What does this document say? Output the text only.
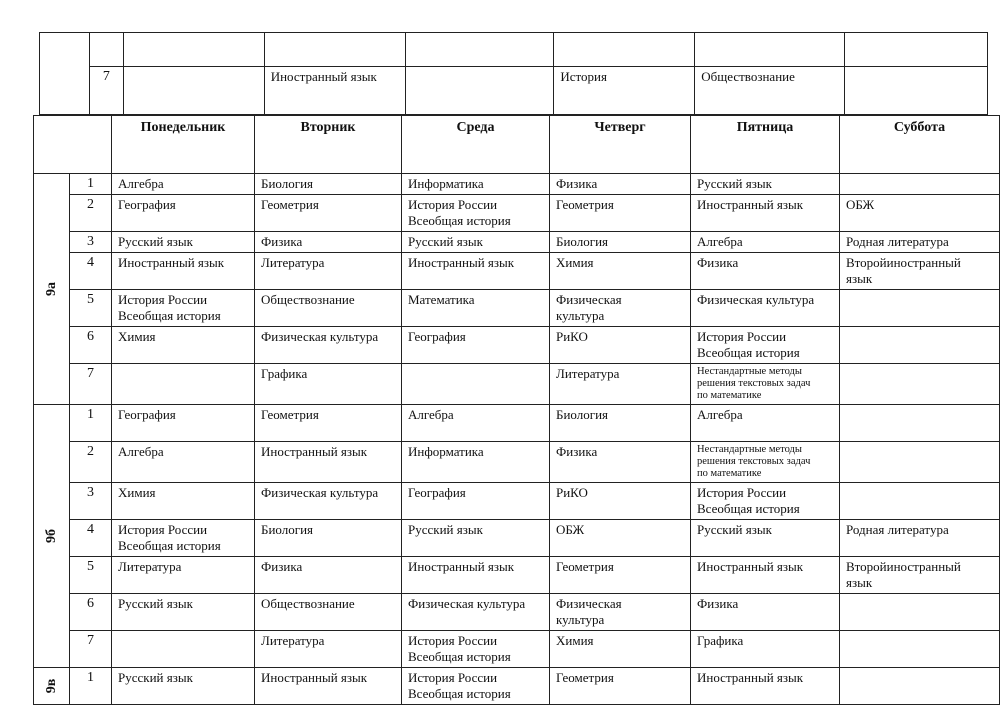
	7		Иностранный язык		История	Обществознание	
		Понедельник	Вторник	Среда	Четверг	Пятница	Суббота

9а	1	Алгебра	Биология	Информатика	Физика	Русский язык	

	2	География	Геометрия	История России
Всеобщая история	Геометрия	Иностранный язык	ОБЖ

	3	Русский язык	Физика	Русский язык	Биология	Алгебра	Родная литература

	4	Иностранный язык	Литература	Иностранный язык	Химия	Физика	Второйиностранный
язык

	5	История России
Всеобщая история	Обществознание	Математика	Физическая
культура	Физическая культура	

	6	Химия	Физическая культура	География	РиКО	История России
Всеобщая история	

	7		Графика		Литература	Нестандартные методы
решения текстовых задач
по математике	

9б	1	География	Геометрия	Алгебра	Биология	Алгебра	

	2	Алгебра	Иностранный язык	Информатика	Физика	Нестандартные методы
решения текстовых задач
по математике	

	3	Химия	Физическая культура	География	РиКО	История России
Всеобщая история	

	4	История России
Всеобщая история	Биология	Русский язык	ОБЖ	Русский язык	Родная литература

	5	Литература	Физика	Иностранный язык	Геометрия	Иностранный язык	Второйиностранный
язык

	6	Русский язык	Обществознание	Физическая культура	Физическая
культура	Физика	

	7		Литература	История России
Всеобщая история	Химия	Графика	

9в	1	Русский язык	Иностранный язык	История России
Всеобщая история	Геометрия	Иностранный язык	
